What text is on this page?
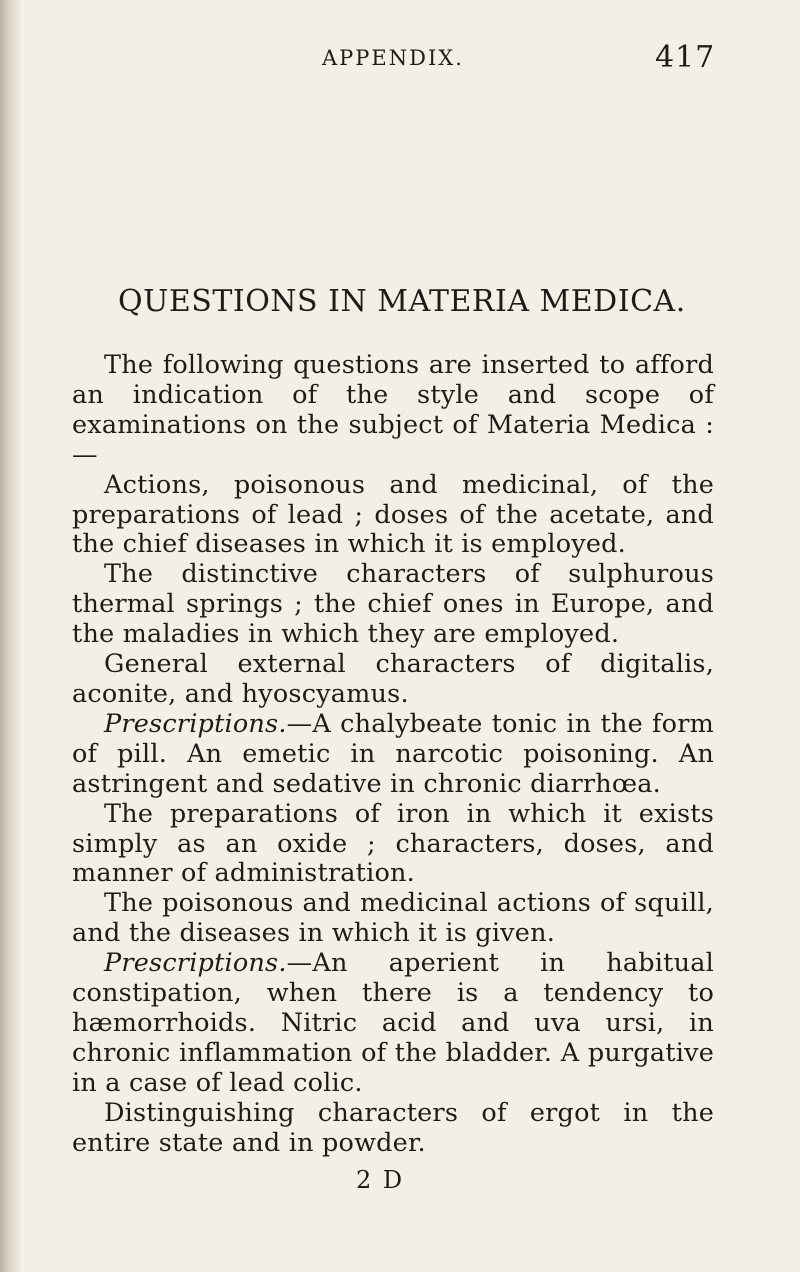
APPENDIX.	417
QUESTIONS IN MATERIA MEDICA.

The following questions are inserted to afford an indication of the style and scope of examinations on the subject of Materia Medica :—

Actions, poisonous and medicinal, of the preparations of lead ; doses of the acetate, and the chief diseases in which it is employed.

The distinctive characters of sulphurous thermal springs ; the chief ones in Europe, and the maladies in which they are employed.

General external characters of digitalis, aconite, and hyoscyamus.

Prescriptions.—A chalybeate tonic in the form of pill. An emetic in narcotic poisoning. An astringent and sedative in chronic diarrhœa.

The preparations of iron in which it exists simply as an oxide ; characters, doses, and manner of administration.

The poisonous and medicinal actions of squill, and the diseases in which it is given.

Prescriptions.—An aperient in habitual constipation, when there is a tendency to hæmorrhoids. Nitric acid and uva ursi, in chronic inflammation of the bladder. A purgative in a case of lead colic.

Distinguishing characters of ergot in the entire state and in powder.

2 D
